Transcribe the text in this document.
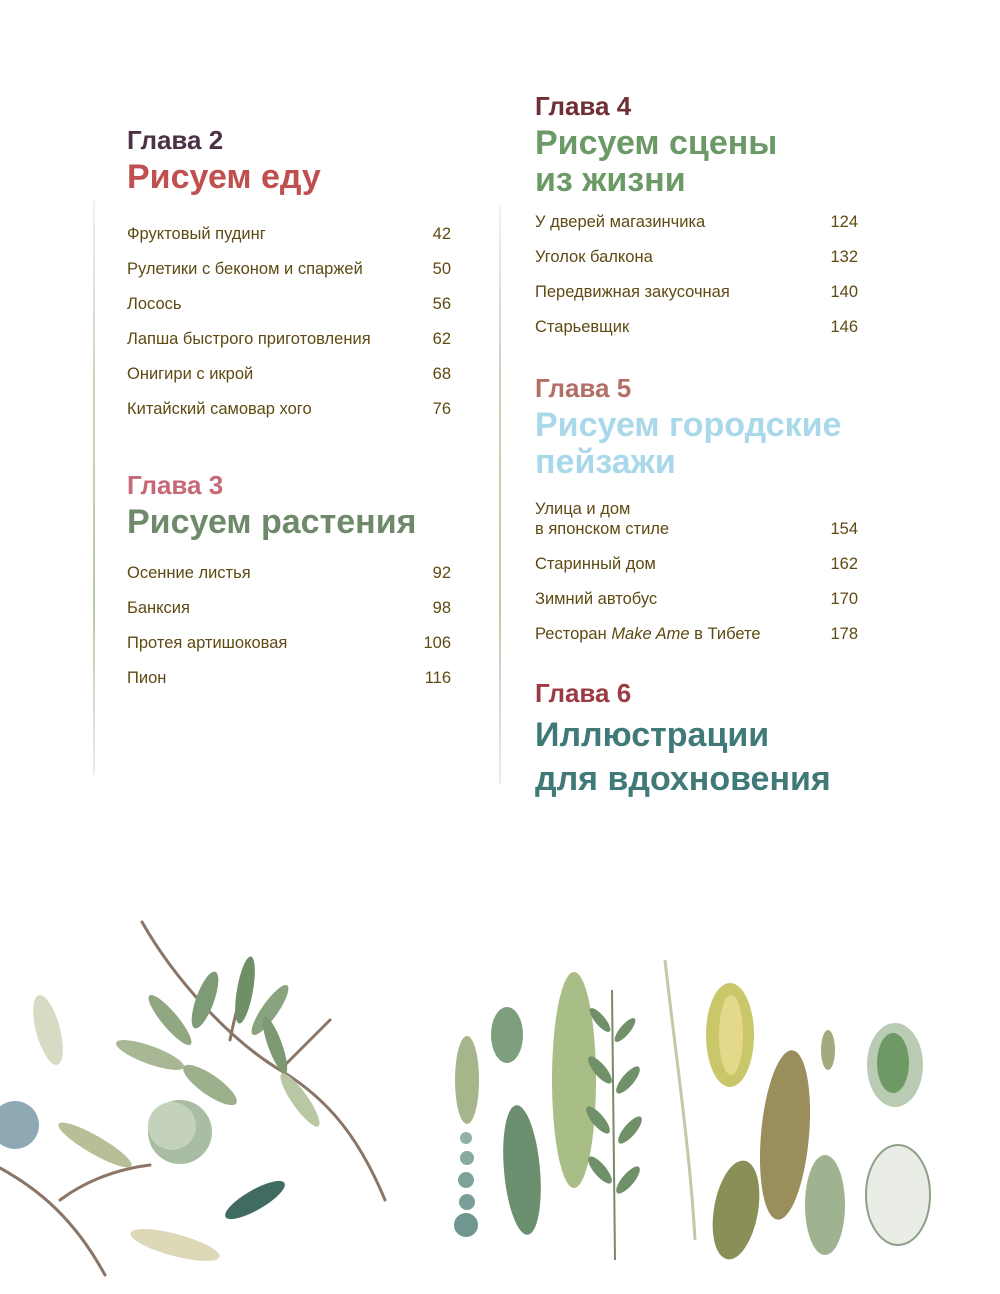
Глава 2
Рисуем еду
Фруктовый пудинг	42
Рулетики с беконом и спаржей	50
Лосось	56
Лапша быстрого приготовления	62
Онигири с икрой	68
Китайский самовар хого	76
Глава 3
Рисуем растения
Осенние листья	92
Банксия	98
Протея артишоковая	106
Пион	116
Глава 4
Рисуем сцены
из жизни
У дверей магазинчика	124
Уголок балкона	132
Передвижная закусочная	140
Старьевщик	146
Глава 5
Рисуем городские
пейзажи
Улица и дом
в японском стиле	154
Старинный дом	162
Зимний автобус	170
Ресторан Make Ame в Тибете	178
Глава 6
Иллюстрации
для вдохновения
